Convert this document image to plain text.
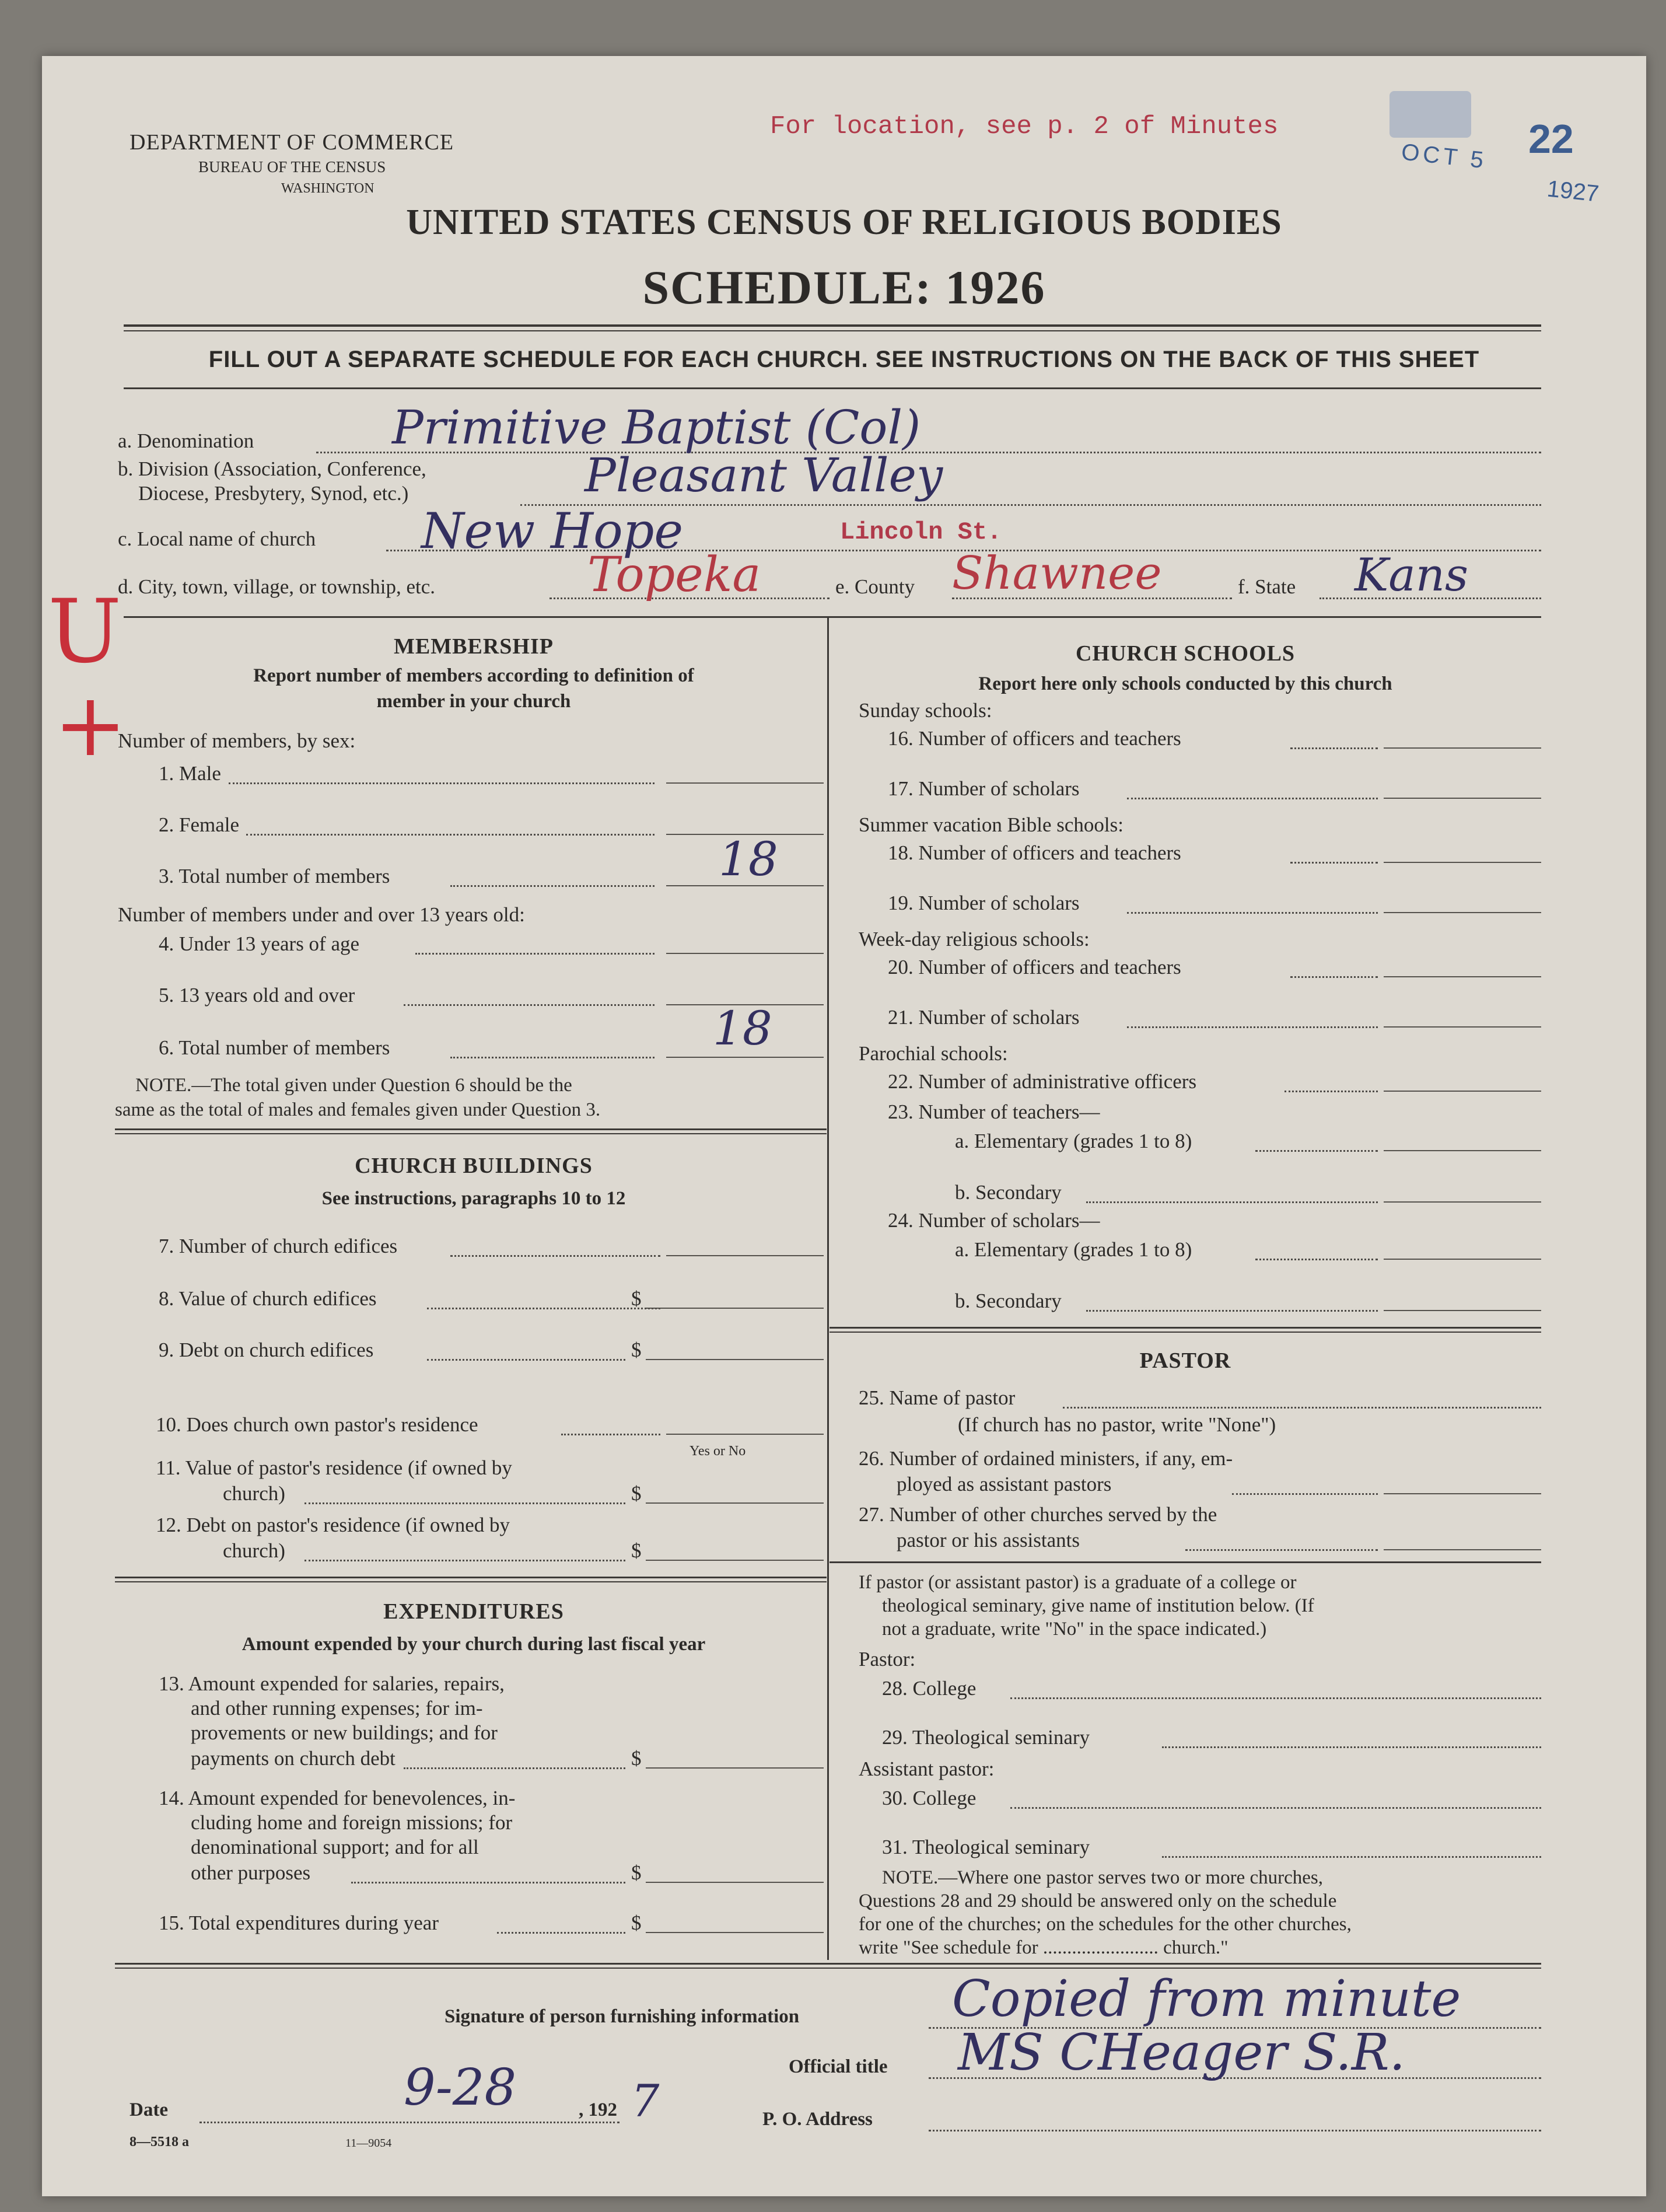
DEPARTMENT OF COMMERCE
BUREAU OF THE CENSUS
WASHINGTON
For location, see p. 2 of Minutes
OCT 5
1927
22
UNITED STATES CENSUS OF RELIGIOUS BODIES
SCHEDULE: 1926
FILL OUT A SEPARATE SCHEDULE FOR EACH CHURCH. SEE INSTRUCTIONS ON THE BACK OF THIS SHEET
a. Denomination	Primitive Baptist (Col)
b. Division (Association, Conference,
Diocese, Presbytery, Synod, etc.)	Pleasant Valley
c. Local name of church New Hope	Lincoln St.
d. City, town, village, or township, etc.	Topeka	e. County Shawnee	f. State Kans
U
+
MEMBERSHIP
Report number of members according to definition of
member in your church
Number of members, by sex:
1. Male
2. Female
3. Total number of members	18
Number of members under and over 13 years old:
4. Under 13 years of age
5. 13 years old and over
6. Total number of members	18
NOTE.—The total given under Question 6 should be the
same as the total of males and females given under Question 3.
CHURCH BUILDINGS
See instructions, paragraphs 10 to 12
7. Number of church edifices
8. Value of church edifices	$
9. Debt on church edifices	$
10. Does church own pastor's residence
Yes or No
11. Value of pastor's residence (if owned by
church)	$
12. Debt on pastor's residence (if owned by
church)	$
EXPENDITURES
Amount expended by your church during last fiscal year
13. Amount expended for salaries, repairs,
and other running expenses; for im-
provements or new buildings; and for
payments on church debt	$
14. Amount expended for benevolences, in-
cluding home and foreign missions; for
denominational support; and for all
other purposes	$
15. Total expenditures during year	$
CHURCH SCHOOLS
Report here only schools conducted by this church
Sunday schools:
16. Number of officers and teachers
17. Number of scholars
Summer vacation Bible schools:
18. Number of officers and teachers
19. Number of scholars
Week-day religious schools:
20. Number of officers and teachers
21. Number of scholars
Parochial schools:
22. Number of administrative officers
23. Number of teachers—
a. Elementary (grades 1 to 8)
b. Secondary
24. Number of scholars—
a. Elementary (grades 1 to 8)
b. Secondary
PASTOR
25. Name of pastor
(If church has no pastor, write "None")
26. Number of ordained ministers, if any, em-
ployed as assistant pastors
27. Number of other churches served by the
pastor or his assistants
If pastor (or assistant pastor) is a graduate of a college or
theological seminary, give name of institution below. (If
not a graduate, write "No" in the space indicated.)
Pastor:
28. College
29. Theological seminary
Assistant pastor:
30. College
31. Theological seminary
NOTE.—Where one pastor serves two or more churches,
Questions 28 and 29 should be answered only on the schedule
for one of the churches; on the schedules for the other churches,
write "See schedule for ........................ church."
Signature of person furnishing information	Copied from minute
Official title MS CHeager S.R.
Date	9-28	, 192 7	P. O. Address
8—5518 a	11—9054
